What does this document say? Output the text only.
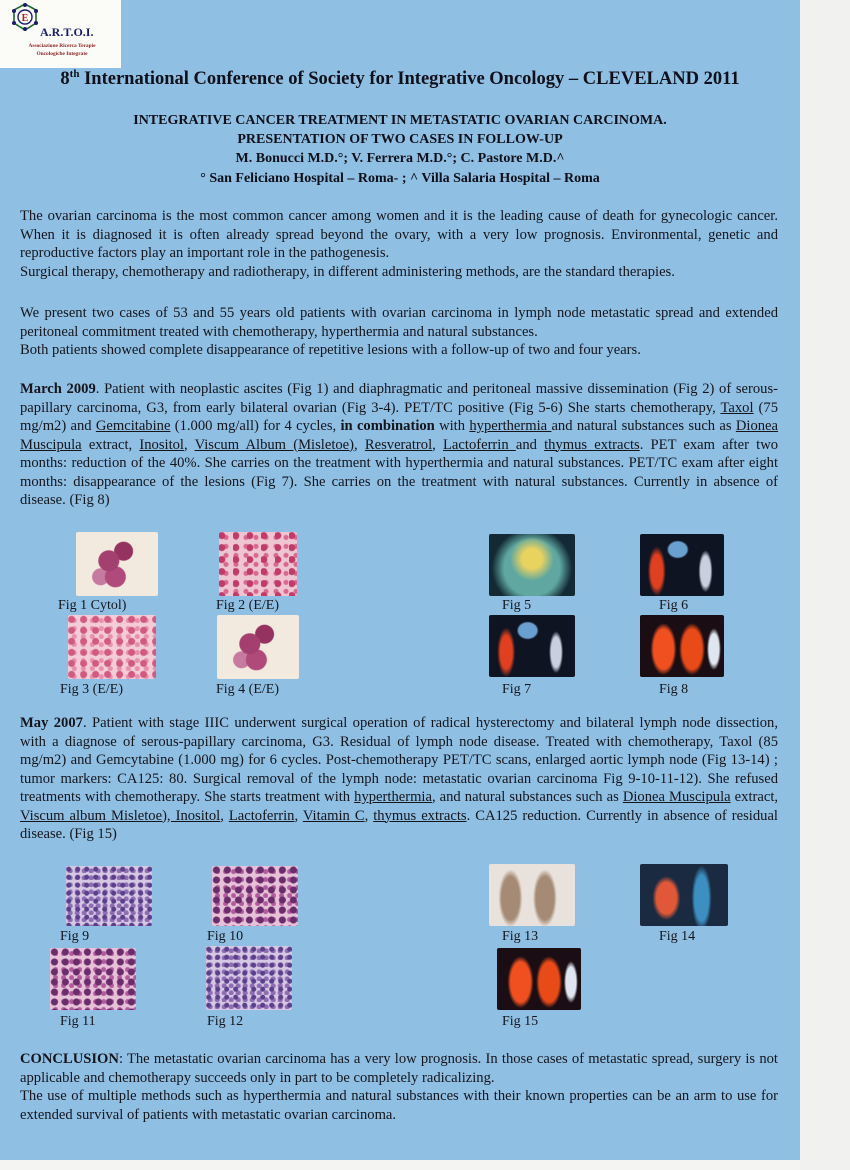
E
A.R.T.O.I.
Associazione Ricerca Terapie
Oncologiche Integrate
8th International Conference of Society for Integrative Oncology – CLEVELAND 2011
INTEGRATIVE CANCER TREATMENT IN METASTATIC OVARIAN CARCINOMA.
PRESENTATION OF TWO CASES IN FOLLOW-UP
M. Bonucci M.D.°; V. Ferrera M.D.°; C. Pastore M.D.^
° San Feliciano Hospital – Roma- ; ^ Villa Salaria Hospital – Roma

The ovarian carcinoma is the most common cancer among women and it is the leading cause of death for gynecologic cancer. When it is diagnosed it is often already spread beyond the ovary, with a very low prognosis. Environmental, genetic and reproductive factors play an important role in the pathogenesis.

Surgical therapy, chemotherapy and radiotherapy, in different administering methods, are the standard therapies.

We present two cases of 53 and 55 years old patients with ovarian carcinoma in lymph node metastatic spread and extended peritoneal commitment treated with chemotherapy, hyperthermia and natural substances.

Both patients showed complete disappearance of repetitive lesions with a follow-up of two and four years.

March 2009. Patient with neoplastic ascites (Fig 1) and diaphragmatic and peritoneal massive dissemination (Fig 2) of serous-papillary carcinoma, G3, from early bilateral ovarian (Fig 3-4). PET/TC positive (Fig 5-6) She starts chemotherapy, Taxol (75 mg/m2) and Gemcitabine (1.000 mg/all) for 4 cycles, in combination with hyperthermia and natural substances such as Dionea Muscipula extract, Inositol, Viscum Album (Misletoe), Resveratrol, Lactoferrin and thymus extracts. PET exam after two months: reduction of the 40%. She carries on the treatment with hyperthermia and natural substances. PET/TC exam after eight months: disappearance of the lesions (Fig 7). She carries on the treatment with natural substances. Currently in absence of disease. (Fig 8)

Fig 1 Cytol)	Fig 2 (E/E)
Fig 3 (E/E)	Fig 4 (E/E)
Fig 5	Fig 6
Fig 7	Fig 8

May 2007. Patient with stage IIIC underwent surgical operation of radical hysterectomy and bilateral lymph node dissection, with a diagnose of serous-papillary carcinoma, G3. Residual of lymph node disease. Treated with chemotherapy, Taxol (85 mg/m2) and Gemcytabine (1.000 mg) for 6 cycles. Post-chemotherapy PET/TC scans, enlarged aortic lymph node (Fig 13-14) ; tumor markers: CA125: 80. Surgical removal of the lymph node: metastatic ovarian carcinoma Fig 9-10-11-12). She refused treatments with chemotherapy. She starts treatment with hyperthermia, and natural substances such as Dionea Muscipula extract, Viscum album Misletoe), Inositol, Lactoferrin, Vitamin C, thymus extracts. CA125 reduction. Currently in absence of residual disease. (Fig 15)

Fig 9	Fig 10
Fig 11	Fig 12
Fig 13	Fig 14
Fig 15

CONCLUSION: The metastatic ovarian carcinoma has a very low prognosis. In those cases of metastatic spread, surgery is not applicable and chemotherapy succeeds only in part to be completely radicalizing.

The use of multiple methods such as hyperthermia and natural substances with their known properties can be an arm to use for extended survival of patients with metastatic ovarian carcinoma.
